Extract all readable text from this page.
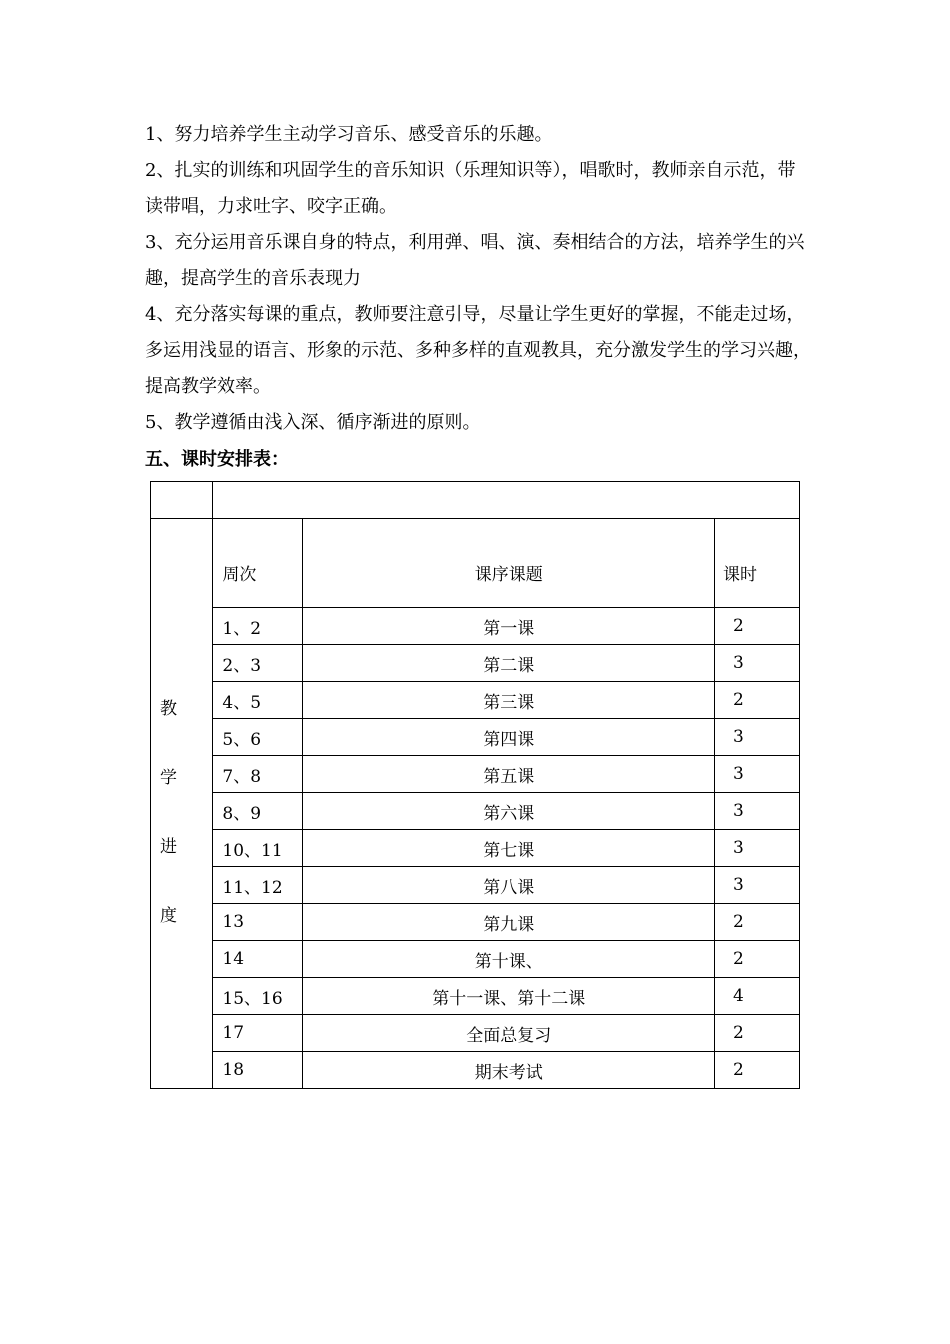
1、努力培养学生主动学习音乐、感受音乐的乐趣。

2、扎实的训练和巩固学生的音乐知识（乐理知识等），唱歌时，教师亲自示范，带读带唱，力求吐字、咬字正确。

3、充分运用音乐课自身的特点，利用弹、唱、演、奏相结合的方法，培养学生的兴趣，提高学生的音乐表现力

4、充分落实每课的重点，教师要注意引导，尽量让学生更好的掌握，不能走过场，多运用浅显的语言、形象的示范、多种多样的直观教具，充分激发学生的学习兴趣，提高教学效率。

5、教学遵循由浅入深、循序渐进的原则。

五、课时安排表：

教
学
进
度	周次	课序课题	课时
	1、2	第一课	2
	2、3	第二课	3
	4、5	第三课	2
	5、6	第四课	3
	7、8	第五课	3
	8、9	第六课	3
	10、11	第七课	3
	11、12	第八课	3
	13	第九课	2
	14	第十课、	2
	15、16	第十一课、第十二课	4
	17	全面总复习	2
	18	期末考试	2
